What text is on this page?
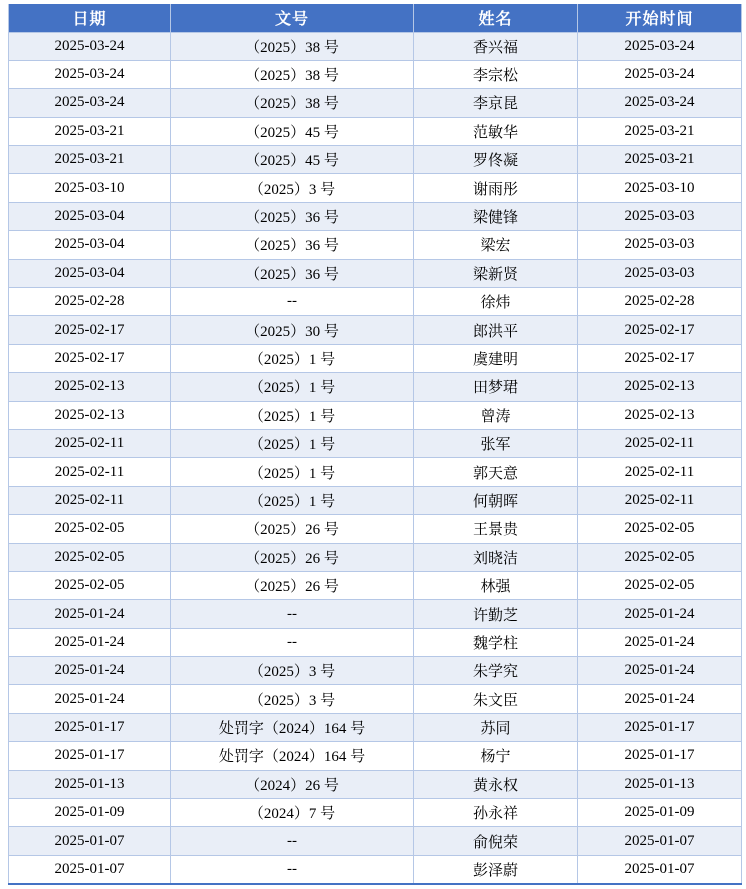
日期	文号	姓名	开始时间
2025-03-24	（2025）38 号	香兴福	2025-03-24
2025-03-24	（2025）38 号	李宗松	2025-03-24
2025-03-24	（2025）38 号	李京昆	2025-03-24
2025-03-21	（2025）45 号	范敏华	2025-03-21
2025-03-21	（2025）45 号	罗佟凝	2025-03-21
2025-03-10	（2025）3 号	谢雨彤	2025-03-10
2025-03-04	（2025）36 号	梁健锋	2025-03-03
2025-03-04	（2025）36 号	梁宏	2025-03-03
2025-03-04	（2025）36 号	梁新贤	2025-03-03
2025-02-28	--	徐炜	2025-02-28
2025-02-17	（2025）30 号	郎洪平	2025-02-17
2025-02-17	（2025）1 号	虞建明	2025-02-17
2025-02-13	（2025）1 号	田梦珺	2025-02-13
2025-02-13	（2025）1 号	曾涛	2025-02-13
2025-02-11	（2025）1 号	张军	2025-02-11
2025-02-11	（2025）1 号	郭天意	2025-02-11
2025-02-11	（2025）1 号	何朝晖	2025-02-11
2025-02-05	（2025）26 号	王景贵	2025-02-05
2025-02-05	（2025）26 号	刘晓洁	2025-02-05
2025-02-05	（2025）26 号	林强	2025-02-05
2025-01-24	--	许勤芝	2025-01-24
2025-01-24	--	魏学柱	2025-01-24
2025-01-24	（2025）3 号	朱学究	2025-01-24
2025-01-24	（2025）3 号	朱文臣	2025-01-24
2025-01-17	处罚字（2024）164 号	苏同	2025-01-17
2025-01-17	处罚字（2024）164 号	杨宁	2025-01-17
2025-01-13	（2024）26 号	黄永权	2025-01-13
2025-01-09	（2024）7 号	孙永祥	2025-01-09
2025-01-07	--	俞倪荣	2025-01-07
2025-01-07	--	彭泽蔚	2025-01-07
